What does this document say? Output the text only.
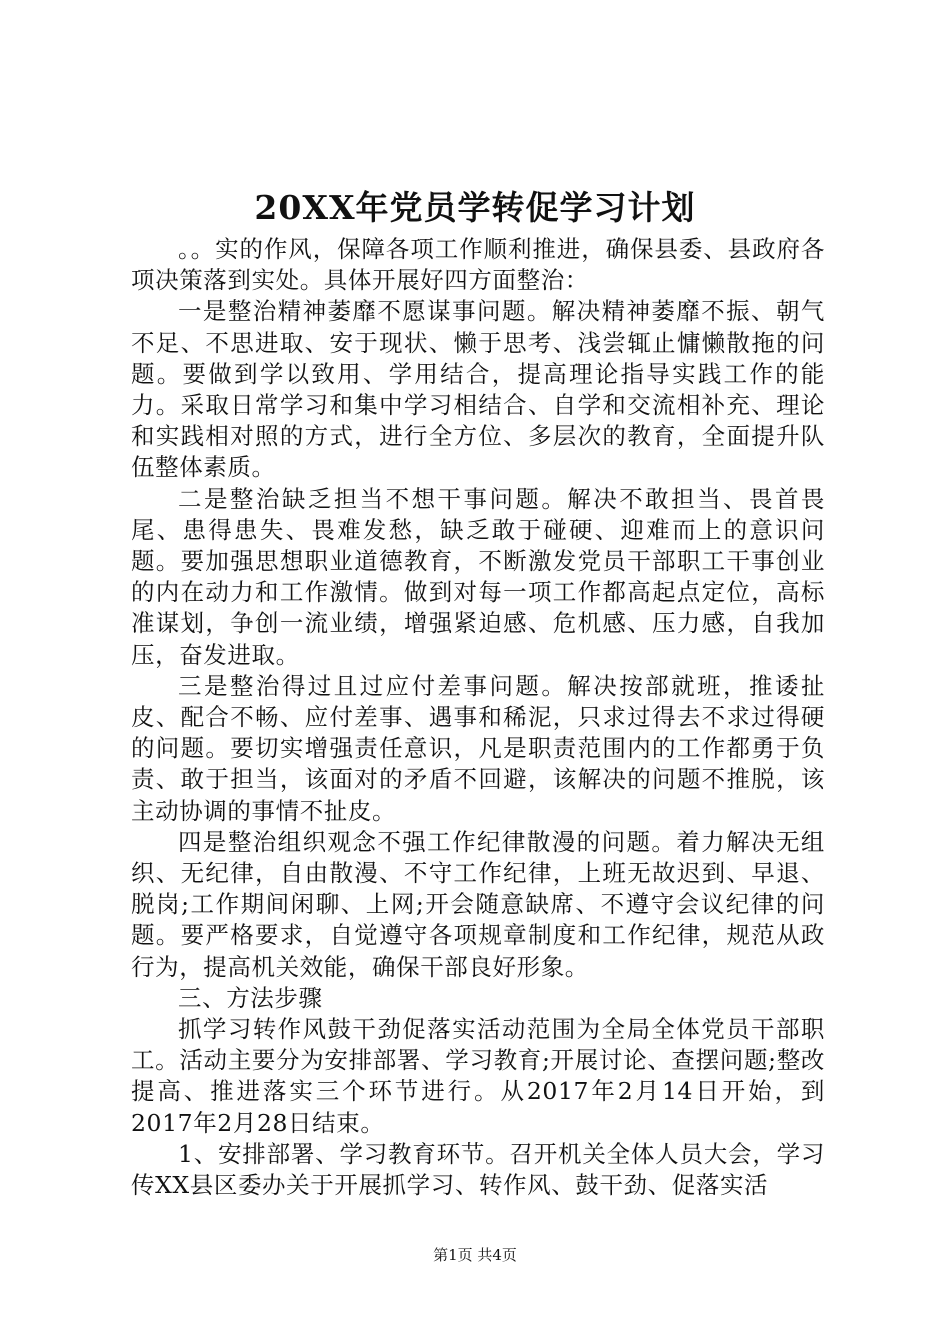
20XX年党员学转促学习计划

。。实的作风，保障各项工作顺利推进，确保县委、县政府各项决策落到实处。具体开展好四方面整治：

一是整治精神萎靡不愿谋事问题。解决精神萎靡不振、朝气不足、不思进取、安于现状、懒于思考、浅尝辄止慵懒散拖的问题。要做到学以致用、学用结合，提高理论指导实践工作的能力。采取日常学习和集中学习相结合、自学和交流相补充、理论和实践相对照的方式，进行全方位、多层次的教育，全面提升队伍整体素质。

二是整治缺乏担当不想干事问题。解决不敢担当、畏首畏尾、患得患失、畏难发愁，缺乏敢于碰硬、迎难而上的意识问题。要加强思想职业道德教育，不断激发党员干部职工干事创业的内在动力和工作激情。做到对每一项工作都高起点定位，高标准谋划，争创一流业绩，增强紧迫感、危机感、压力感，自我加压，奋发进取。

三是整治得过且过应付差事问题。解决按部就班，推诿扯皮、配合不畅、应付差事、遇事和稀泥，只求过得去不求过得硬的问题。要切实增强责任意识，凡是职责范围内的工作都勇于负责、敢于担当，该面对的矛盾不回避，该解决的问题不推脱，该主动协调的事情不扯皮。

四是整治组织观念不强工作纪律散漫的问题。着力解决无组织、无纪律，自由散漫、不守工作纪律，上班无故迟到、早退、脱岗;工作期间闲聊、上网;开会随意缺席、不遵守会议纪律的问题。要严格要求，自觉遵守各项规章制度和工作纪律，规范从政行为，提高机关效能，确保干部良好形象。

三、方法步骤

抓学习转作风鼓干劲促落实活动范围为全局全体党员干部职工。活动主要分为安排部署、学习教育;开展讨论、查摆问题;整改提高、推进落实三个环节进行。从2017年2月14日开始，到2017年2月28日结束。

1、安排部署、学习教育环节。召开机关全体人员大会，学习传XX县区委办关于开展抓学习、转作风、鼓干劲、促落实活

第1页 共4页
